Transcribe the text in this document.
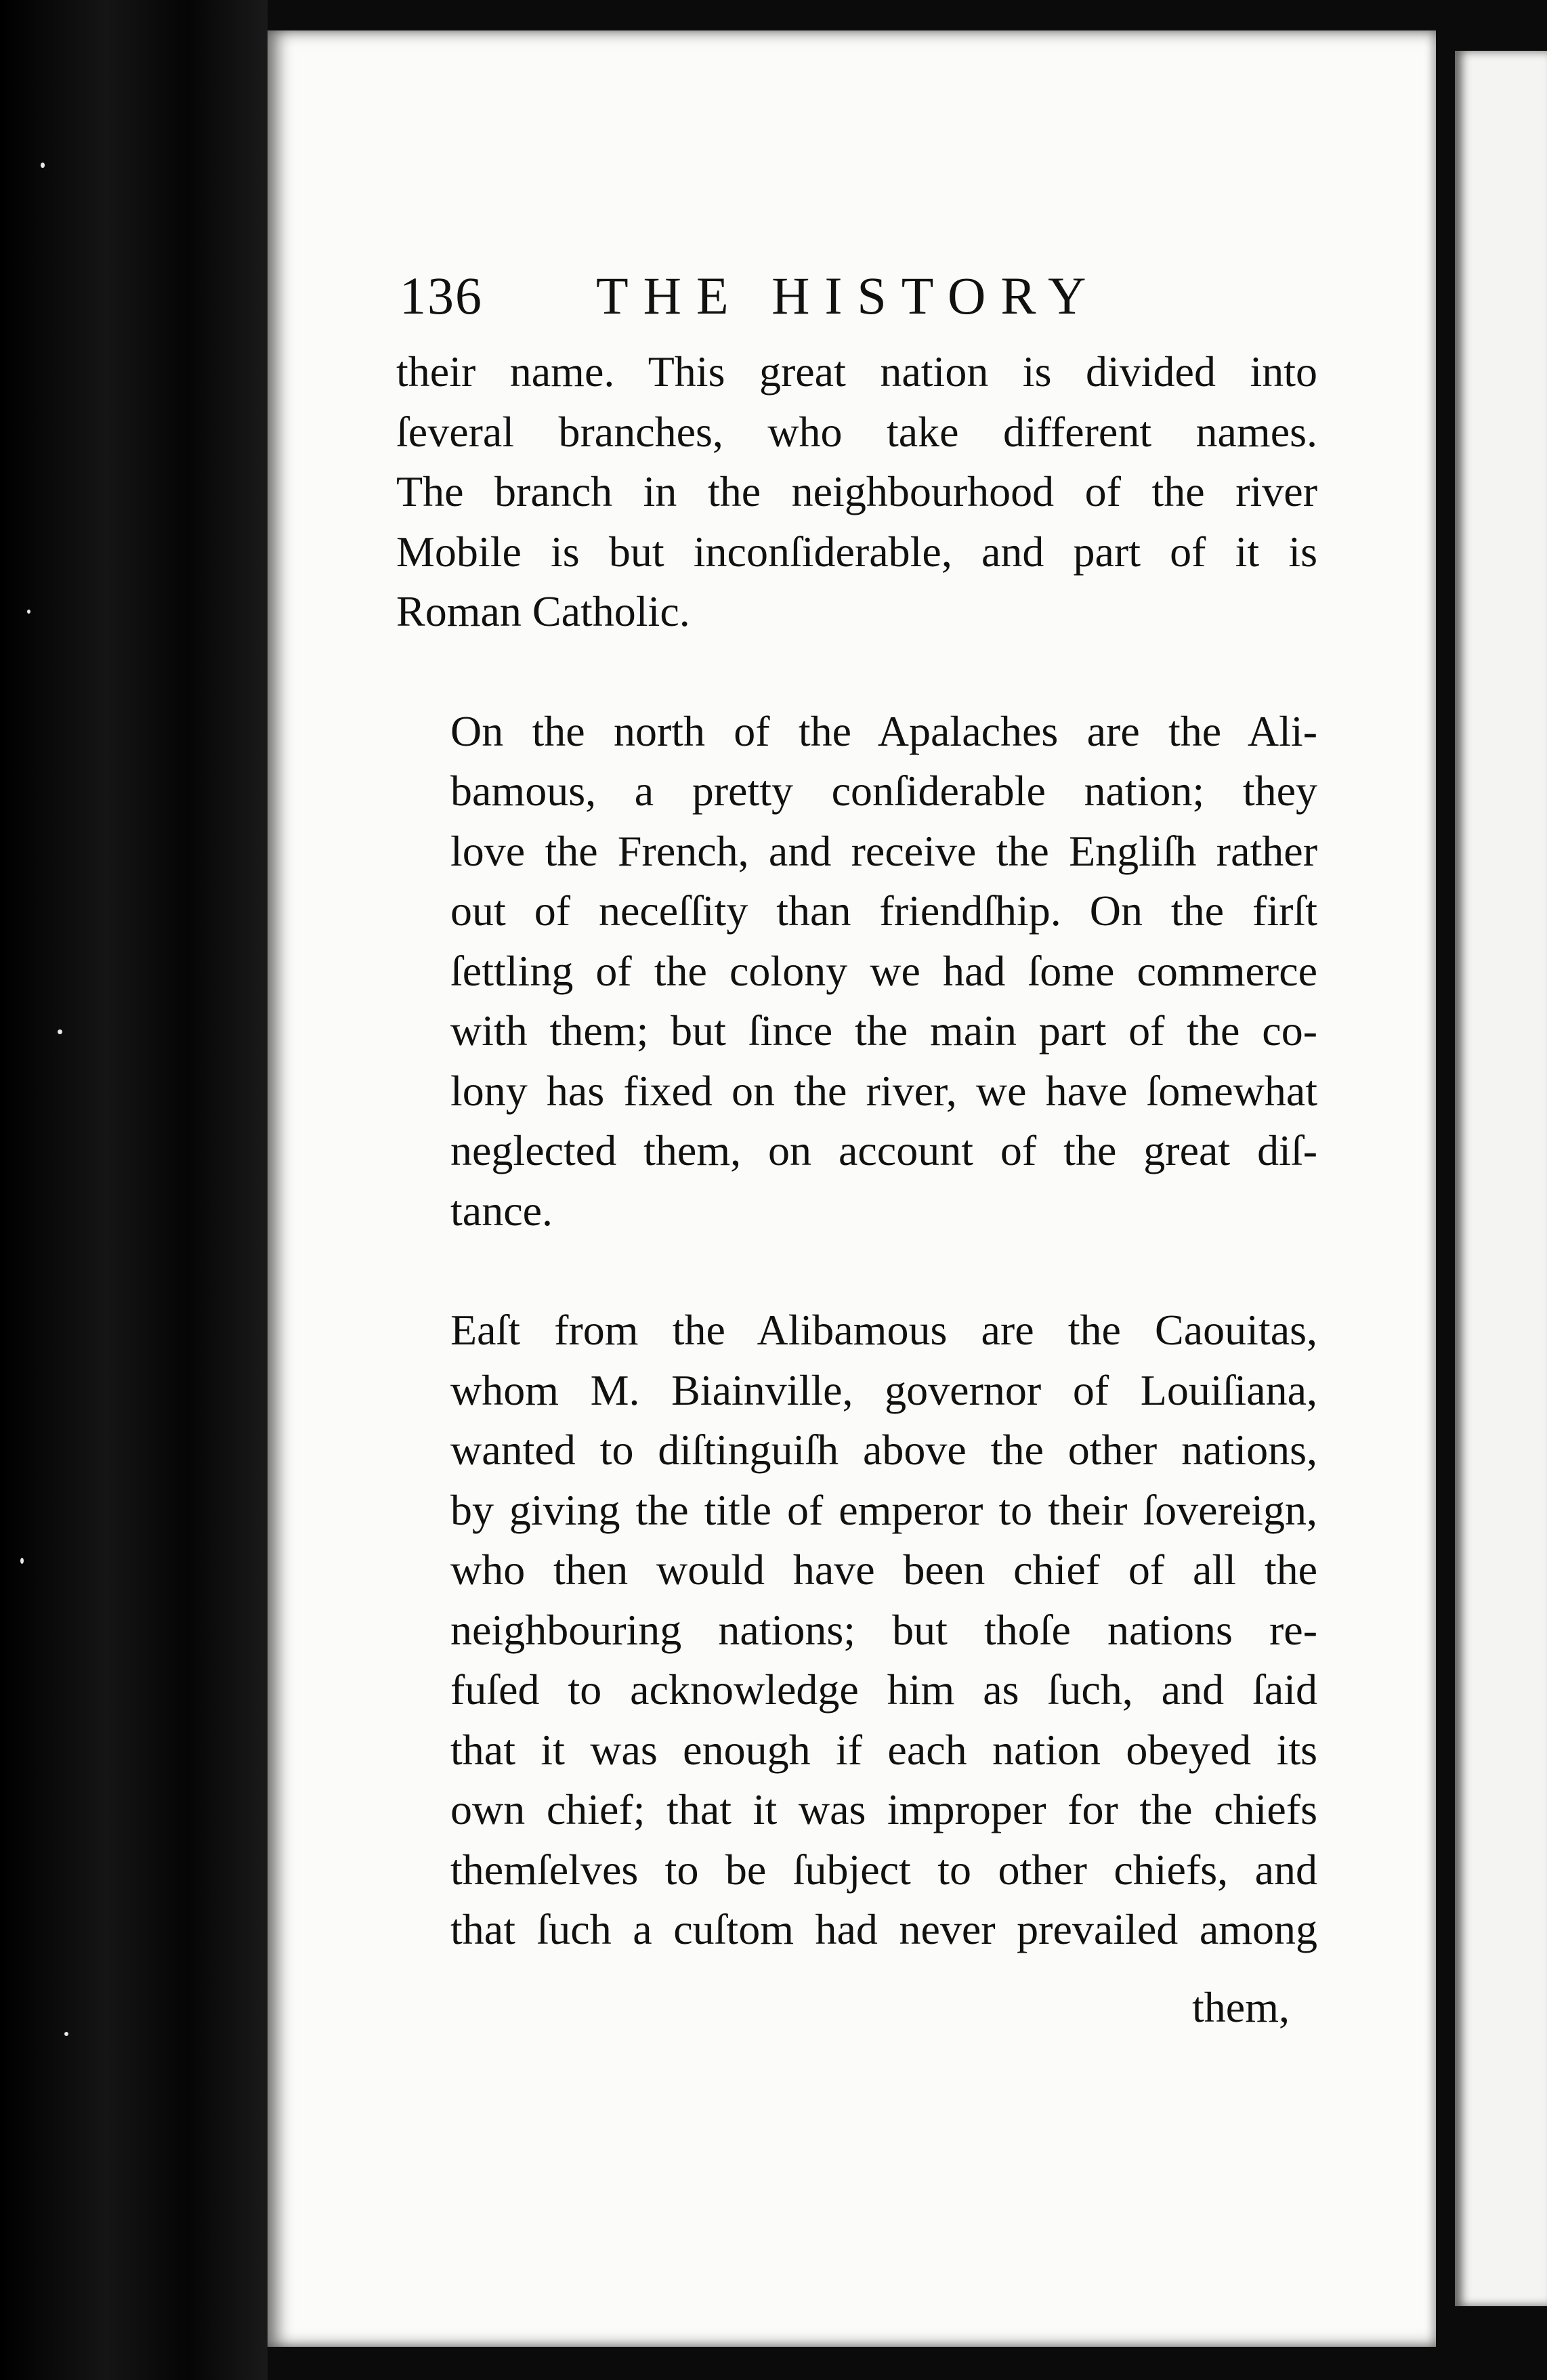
136 THE HISTORY
their name. This great nation is divided into
ſeveral branches, who take different names.
The branch in the neighbourhood of the river
Mobile is but inconſiderable, and part of it is
Roman Catholic.
On the north of the Apalaches are the Ali-
bamous, a pretty conſiderable nation; they
love the French, and receive the Engliſh rather
out of neceſſity than friendſhip. On the firſt
ſettling of the colony we had ſome commerce
with them; but ſince the main part of the co-
lony has fixed on the river, we have ſomewhat
neglected them, on account of the great diſ-
tance.
Eaſt from the Alibamous are the Caouitas,
whom M. Biainville, governor of Louiſiana,
wanted to diſtinguiſh above the other nations,
by giving the title of emperor to their ſovereign,
who then would have been chief of all the
neighbouring nations; but thoſe nations re-
fuſed to acknowledge him as ſuch, and ſaid
that it was enough if each nation obeyed its
own chief; that it was improper for the chiefs
themſelves to be ſubject to other chiefs, and
that ſuch a cuſtom had never prevailed among
them,
